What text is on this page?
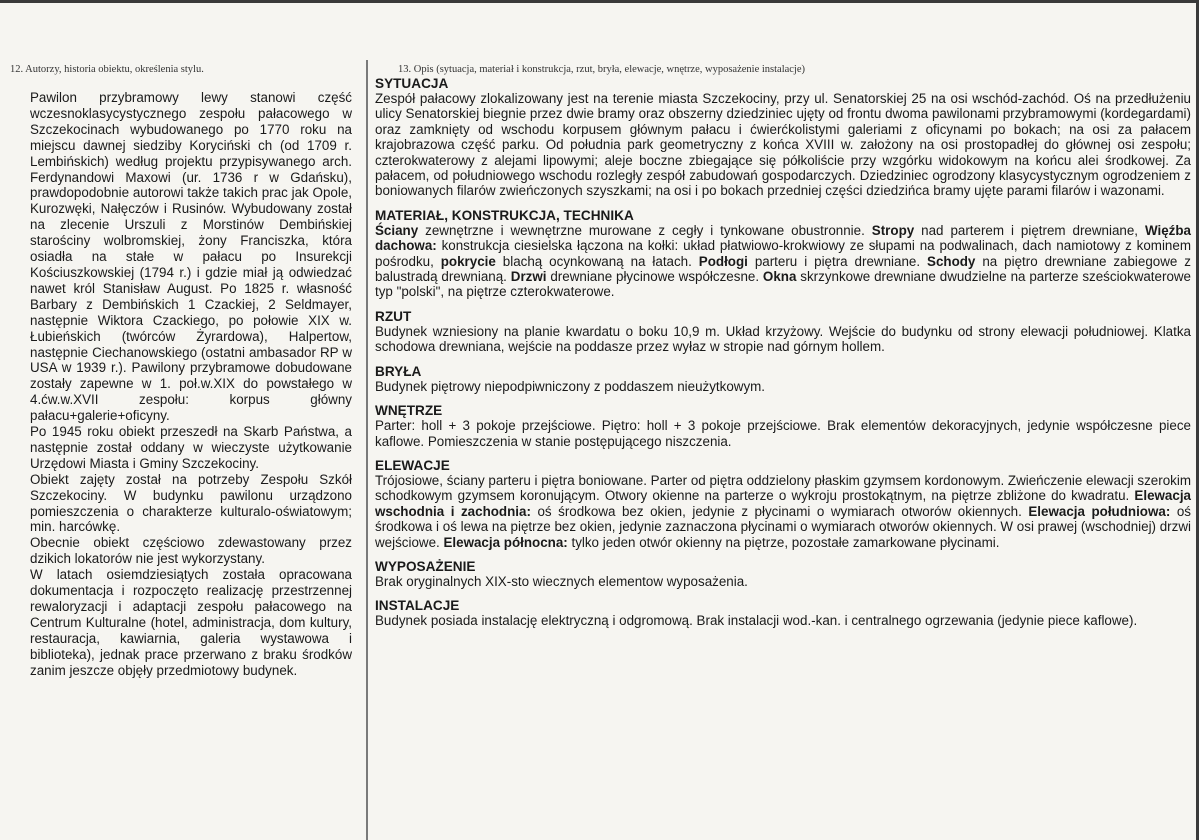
12. Autorzy, historia obiektu, określenia stylu.	13. Opis (sytuacja, materiał i konstrukcja, rzut, bryła, elewacje, wnętrze, wyposażenie instalacje)

Pawilon przybramowy lewy stanowi część wczesnoklasycystycznego zespołu pałacowego w Szczekocinach wybudowanego po 1770 roku na miejscu dawnej siedziby Koryciński ch (od 1709 r. Lembińskich) według projektu przypisywanego arch. Ferdynandowi Maxowi (ur. 1736 r w Gdańsku), prawdopodobnie autorowi także takich prac jak Opole, Kurozwęki, Nałęczów i Rusinów. Wybudowany został na zlecenie Urszuli z Morstinów Dembińskiej starościny wolbromskiej, żony Franciszka, która osiadła na stałe w pałacu po Insurekcji Kościuszkowskiej (1794 r.) i gdzie miał ją odwiedzać nawet król Stanisław August. Po 1825 r. własność Barbary z Dembińskich 1 Czackiej, 2 Seldmayer, następnie Wiktora Czackiego, po połowie XIX w. Łubieńskich (twórców Żyrardowa), Halpertow, następnie Ciechanowskiego (ostatni ambasador RP w USA w 1939 r.). Pawilony przybramowe dobudowane zostały zapewne w 1. poł.w.XIX do powstałego w 4.ćw.w.XVII zespołu: korpus główny pałacu+galerie+oficyny.

Po 1945 roku obiekt przeszedł na Skarb Państwa, a następnie został oddany w wieczyste użytkowanie Urzędowi Miasta i Gminy Szczekociny.

Obiekt zajęty został na potrzeby Zespołu Szkół Szczekociny. W budynku pawilonu urządzono pomieszczenia o charakterze kulturalo-oświatowym; min. harcówkę.

Obecnie obiekt częściowo zdewastowany przez dzikich lokatorów nie jest wykorzystany.

W latach osiemdziesiątych została opracowana dokumentacja i rozpoczęto realizację przestrzennej rewaloryzacji i adaptacji zespołu pałacowego na Centrum Kulturalne (hotel, administracja, dom kultury, restauracja, kawiarnia, galeria wystawowa i biblioteka), jednak prace przerwano z braku środków zanim jeszcze objęły przedmiotowy budynek.

SYTUACJA

Zespół pałacowy zlokalizowany jest na terenie miasta Szczekociny, przy ul. Senatorskiej 25 na osi wschód-zachód. Oś na przedłużeniu ulicy Senatorskiej biegnie przez dwie bramy oraz obszerny dziedziniec ujęty od frontu dwoma pawilonami przybramowymi (kordegardami) oraz zamknięty od wschodu korpusem głównym pałacu i ćwierćkolistymi galeriami z oficynami po bokach; na osi za pałacem krajobrazowa część parku. Od południa park geometryczny z końca XVIII w. założony na osi prostopadłej do głównej osi zespołu; czterokwaterowy z alejami lipowymi; aleje boczne zbiegające się półkoliście przy wzgórku widokowym na końcu alei środkowej. Za pałacem, od południowego wschodu rozległy zespół zabudowań gospodarczych. Dziedziniec ogrodzony klasycystycznym ogrodzeniem z boniowanych filarów zwieńczonych szyszkami; na osi i po bokach przedniej części dziedzińca bramy ujęte parami filarów i wazonami.

MATERIAŁ, KONSTRUKCJA, TECHNIKA

Ściany zewnętrzne i wewnętrzne murowane z cegły i tynkowane obustronnie. Stropy nad parterem i piętrem drewniane, Więźba dachowa: konstrukcja ciesielska łączona na kołki: układ płatwiowo-krokwiowy ze słupami na podwalinach, dach namiotowy z kominem pośrodku, pokrycie blachą ocynkowaną na łatach. Podłogi parteru i piętra drewniane. Schody na piętro drewniane zabiegowe z balustradą drewnianą. Drzwi drewniane płycinowe współczesne. Okna skrzynkowe drewniane dwudzielne na parterze sześciokwaterowe typ "polski", na piętrze czterokwaterowe.

RZUT

Budynek wzniesiony na planie kwardatu o boku 10,9 m. Układ krzyżowy. Wejście do budynku od strony elewacji południowej. Klatka schodowa drewniana, wejście na poddasze przez wyłaz w stropie nad górnym hollem.

BRYŁA

Budynek piętrowy niepodpiwniczony z poddaszem nieużytkowym.

WNĘTRZE

Parter: holl + 3 pokoje przejściowe. Piętro: holl + 3 pokoje przejściowe. Brak elementów dekoracyjnych, jedynie współczesne piece kaflowe. Pomieszczenia w stanie postępującego niszczenia.

ELEWACJE

Trójosiowe, ściany parteru i piętra boniowane. Parter od piętra oddzielony płaskim gzymsem kordonowym. Zwieńczenie elewacji szerokim schodkowym gzymsem koronującym. Otwory okienne na parterze o wykroju prostokątnym, na piętrze zbliżone do kwadratu. Elewacja wschodnia i zachodnia: oś środkowa bez okien, jedynie z płycinami o wymiarach otworów okiennych. Elewacja południowa: oś środkowa i oś lewa na piętrze bez okien, jedynie zaznaczona płycinami o wymiarach otworów okiennych. W osi prawej (wschodniej) drzwi wejściowe. Elewacja północna: tylko jeden otwór okienny na piętrze, pozostałe zamarkowane płycinami.

WYPOSAŻENIE

Brak oryginalnych XIX-sto wiecznych elementow wyposażenia.

INSTALACJE

Budynek posiada instalację elektryczną i odgromową. Brak instalacji wod.-kan. i centralnego ogrzewania (jedynie piece kaflowe).
